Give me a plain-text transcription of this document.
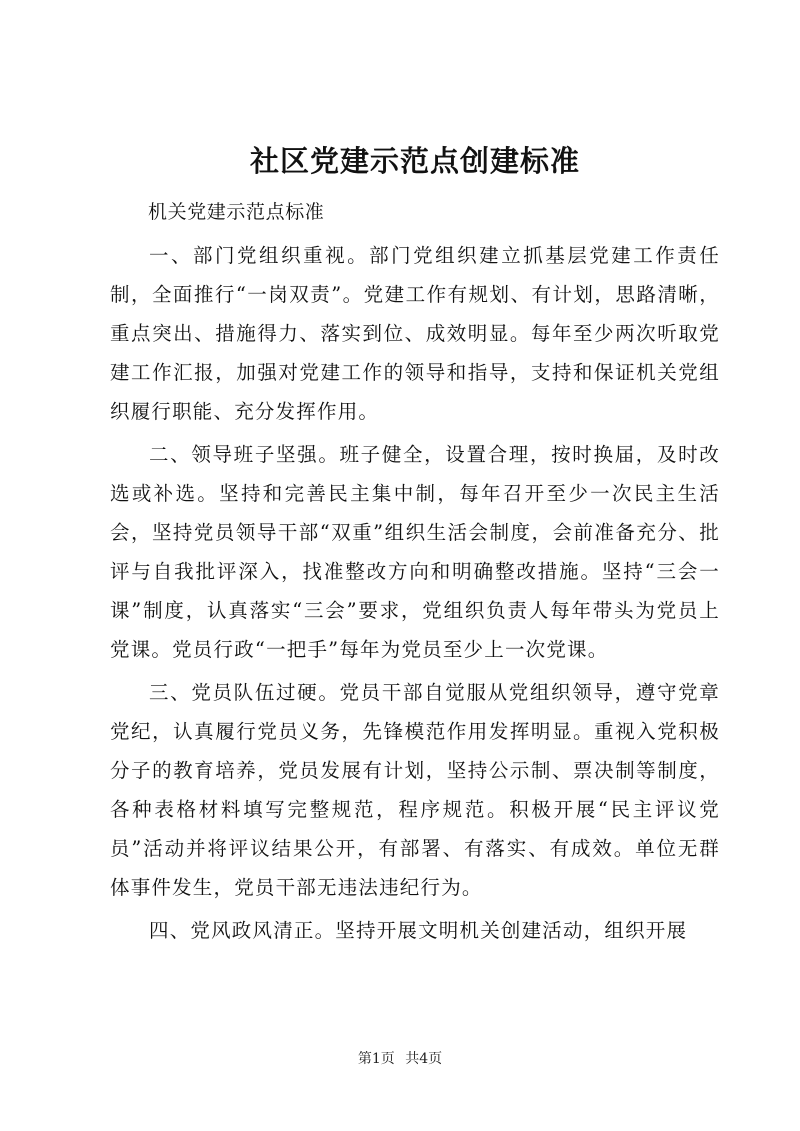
社区党建示范点创建标准

机关党建示范点标准

一、部门党组织重视。部门党组织建立抓基层党建工作责任制，全面推行“一岗双责”。党建工作有规划、有计划，思路清晰，重点突出、措施得力、落实到位、成效明显。每年至少两次听取党建工作汇报，加强对党建工作的领导和指导，支持和保证机关党组织履行职能、充分发挥作用。

二、领导班子坚强。班子健全，设置合理，按时换届，及时改选或补选。坚持和完善民主集中制，每年召开至少一次民主生活会，坚持党员领导干部“双重”组织生活会制度，会前准备充分、批评与自我批评深入，找准整改方向和明确整改措施。坚持“三会一课”制度，认真落实“三会”要求，党组织负责人每年带头为党员上党课。党员行政“一把手”每年为党员至少上一次党课。

三、党员队伍过硬。党员干部自觉服从党组织领导，遵守党章党纪，认真履行党员义务，先锋模范作用发挥明显。重视入党积极分子的教育培养，党员发展有计划，坚持公示制、票决制等制度，各种表格材料填写完整规范，程序规范。积极开展“民主评议党员”活动并将评议结果公开，有部署、有落实、有成效。单位无群体事件发生，党员干部无违法违纪行为。

四、党风政风清正。坚持开展文明机关创建活动，组织开展

第1页 共4页
